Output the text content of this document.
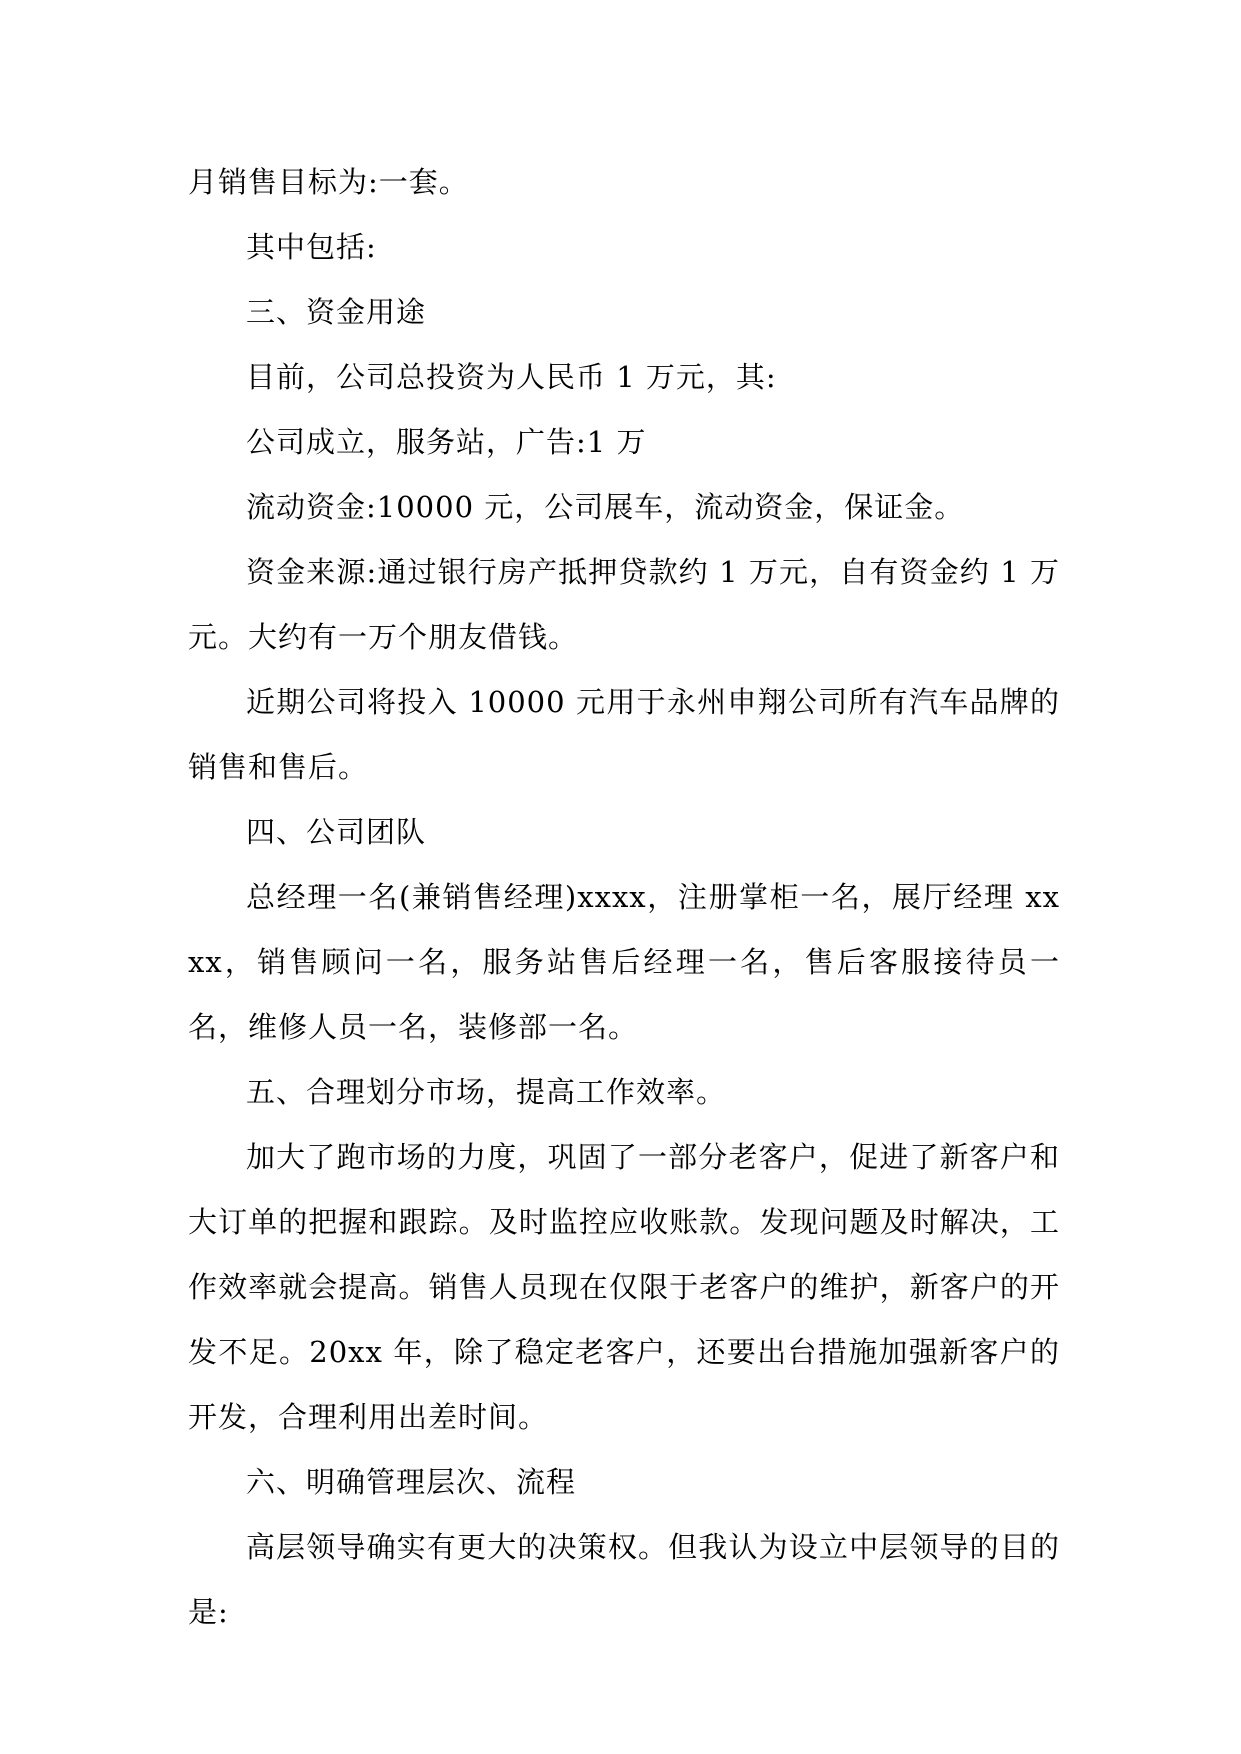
月销售目标为:一套。

其中包括:

三、资金用途

目前，公司总投资为人民币 1 万元，其:

公司成立，服务站，广告:1 万

流动资金:10000 元，公司展车，流动资金，保证金。

资金来源:通过银行房产抵押贷款约 1 万元，自有资金约 1 万元。大约有一万个朋友借钱。

近期公司将投入 10000 元用于永州申翔公司所有汽车品牌的销售和售后。

四、公司团队

总经理一名(兼销售经理)xxxx，注册掌柜一名，展厅经理 xxxx，销售顾问一名，服务站售后经理一名，售后客服接待员一名，维修人员一名，装修部一名。

五、合理划分市场，提高工作效率。

加大了跑市场的力度，巩固了一部分老客户，促进了新客户和大订单的把握和跟踪。及时监控应收账款。发现问题及时解决，工作效率就会提高。销售人员现在仅限于老客户的维护，新客户的开发不足。20xx 年，除了稳定老客户，还要出台措施加强新客户的开发，合理利用出差时间。

六、明确管理层次、流程

高层领导确实有更大的决策权。但我认为设立中层领导的目的是:
